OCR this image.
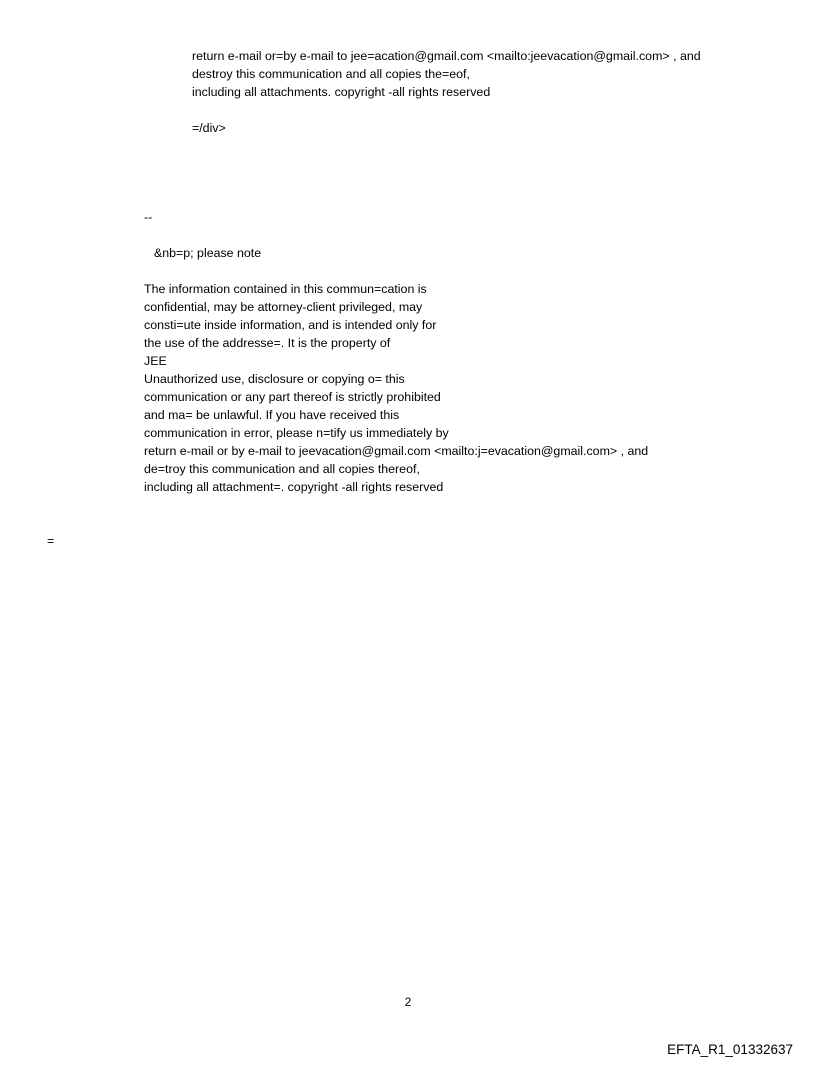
return e-mail or=by e-mail to jee=acation@gmail.com <mailto:jeevacation@gmail.com> , and
destroy this communication and all copies the=eof,
including all attachments. copyright -all rights reserved
=/div>
--
&nb=p; please note
The information contained in this commun=cation is
confidential, may be attorney-client privileged, may
consti=ute inside information, and is intended only for
the use of the addresse=. It is the property of
JEE
Unauthorized use, disclosure or copying o= this
communication or any part thereof is strictly prohibited
and ma= be unlawful. If you have received this
communication in error, please n=tify us immediately by
return e-mail or by e-mail to jeevacation@gmail.com <mailto:j=evacation@gmail.com> , and
de=troy this communication and all copies thereof,
including all attachment=. copyright -all rights reserved
=
2
EFTA_R1_01332637
